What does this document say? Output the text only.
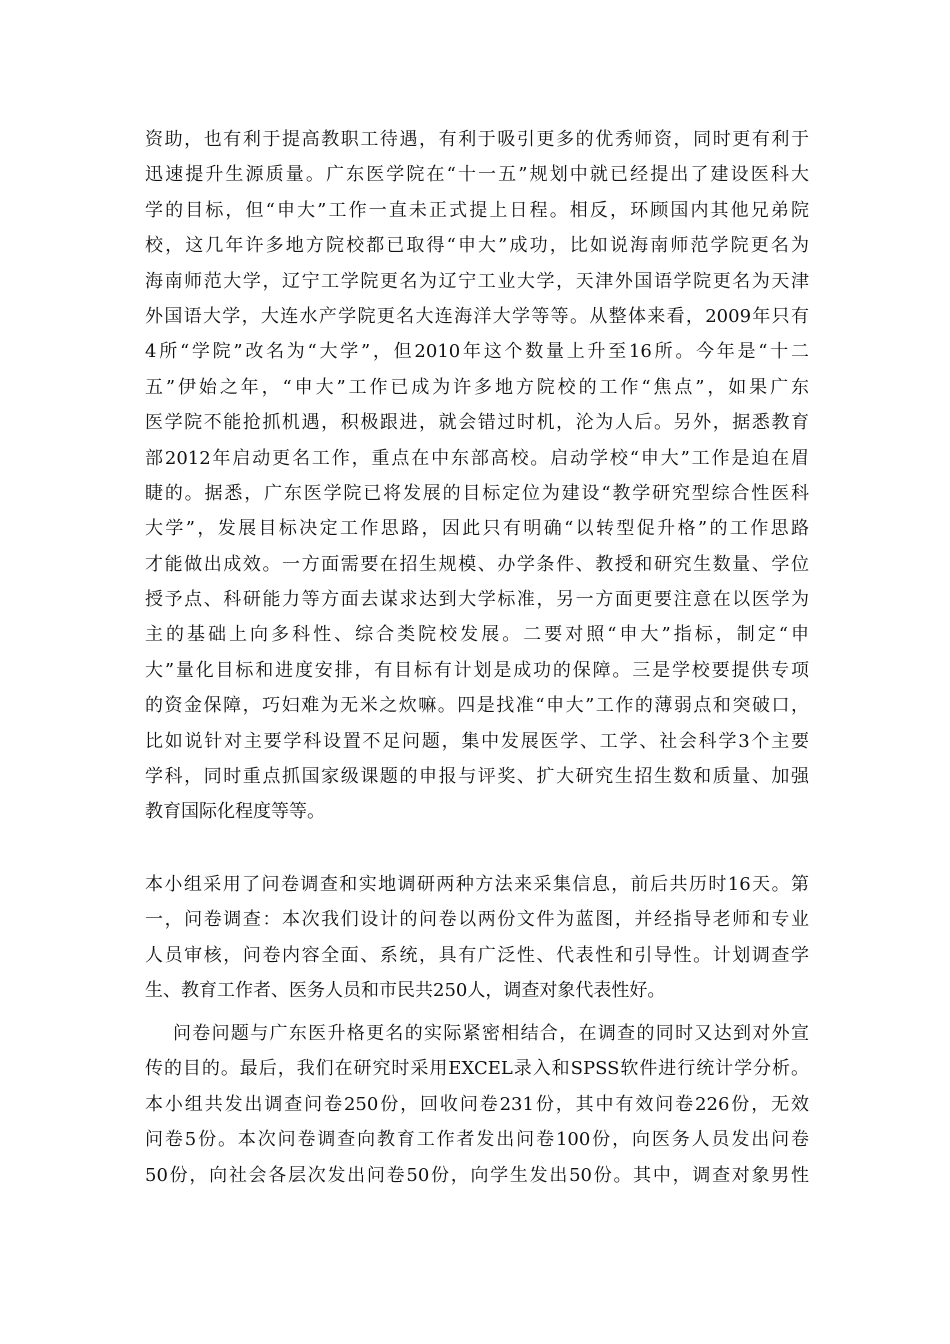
资助，也有利于提高教职工待遇，有利于吸引更多的优秀师资，同时更有利于
迅速提升生源质量。广东医学院在“十一五”规划中就已经提出了建设医科大
学的目标，但“申大”工作一直未正式提上日程。相反，环顾国内其他兄弟院
校，这几年许多地方院校都已取得“申大”成功，比如说海南师范学院更名为
海南师范大学，辽宁工学院更名为辽宁工业大学，天津外国语学院更名为天津
外国语大学，大连水产学院更名大连海洋大学等等。从整体来看，2009年只有
4所“学院”改名为“大学”，但2010年这个数量上升至16所。今年是“十二
五”伊始之年，“申大”工作已成为许多地方院校的工作“焦点”，如果广东
医学院不能抢抓机遇，积极跟进，就会错过时机，沦为人后。另外，据悉教育
部2012年启动更名工作，重点在中东部高校。启动学校“申大”工作是迫在眉
睫的。据悉，广东医学院已将发展的目标定位为建设“教学研究型综合性医科
大学”，发展目标决定工作思路，因此只有明确“以转型促升格”的工作思路
才能做出成效。一方面需要在招生规模、办学条件、教授和研究生数量、学位
授予点、科研能力等方面去谋求达到大学标准，另一方面更要注意在以医学为
主的基础上向多科性、综合类院校发展。二要对照“申大”指标，制定“申
大”量化目标和进度安排，有目标有计划是成功的保障。三是学校要提供专项
的资金保障，巧妇难为无米之炊嘛。四是找准“申大”工作的薄弱点和突破口，
比如说针对主要学科设置不足问题，集中发展医学、工学、社会科学3个主要
学科，同时重点抓国家级课题的申报与评奖、扩大研究生招生数和质量、加强
教育国际化程度等等。
本小组采用了问卷调查和实地调研两种方法来采集信息，前后共历时16天。第
一，问卷调查：本次我们设计的问卷以两份文件为蓝图，并经指导老师和专业
人员审核，问卷内容全面、系统，具有广泛性、代表性和引导性。计划调查学
生、教育工作者、医务人员和市民共250人，调查对象代表性好。
问卷问题与广东医升格更名的实际紧密相结合，在调查的同时又达到对外宣
传的目的。最后，我们在研究时采用EXCEL录入和SPSS软件进行统计学分析。
本小组共发出调查问卷250份，回收问卷231份，其中有效问卷226份，无效
问卷5份。本次问卷调查向教育工作者发出问卷100份，向医务人员发出问卷
50份，向社会各层次发出问卷50份，向学生发出50份。其中，调查对象男性
